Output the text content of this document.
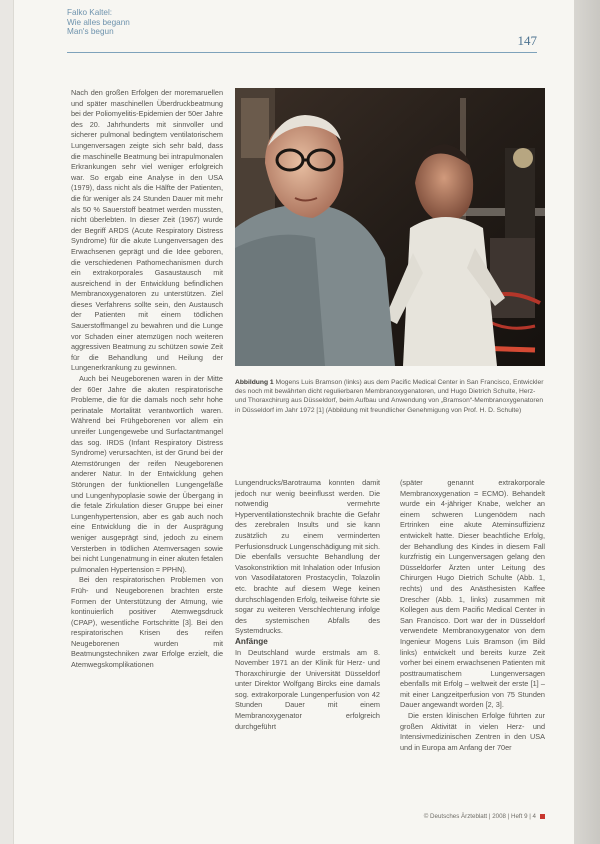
Falko Kaltel:
Wie alles begann
Man's begun
147

Nach den großen Erfolgen der moremaruellen und später maschinellen Überdruckbeatmung bei der Poliomyelitis-Epidemien der 50er Jahre des 20. Jahrhunderts mit sinnvoller und sicherer pulmonal bedingtem ventilatorischem Lungenversagen zeigte sich sehr bald, dass die maschinelle Beatmung bei intrapulmonalen Erkrankungen sehr viel weniger erfolgreich war. So ergab eine Analyse in den USA (1979), dass nicht als die Hälfte der Patienten, die für weniger als 24 Stunden Dauer mit mehr als 50 % Sauerstoff beatmet werden mussten, nicht überlebten. In dieser Zeit (1967) wurde der Begriff ARDS (Acute Respiratory Distress Syndrome) für die akute Lungenversagen des Erwachsenen geprägt und die Idee geboren, die verschiedenen Pathomechanismen durch ein extrakorporales Gasaustausch mit ausreichend in der Entwicklung befindlichen Membranoxygenatoren zu unterstützen. Ziel dieses Verfahrens sollte sein, den Austausch der Patienten mit einem tödlichen Sauerstoffmangel zu bewahren und die Lunge vor Schaden einer atemzügen noch weiteren aggressiven Beatmung zu schützen sowie Zeit für die Behandlung und Heilung der Lungenerkrankung zu gewinnen.

Auch bei Neugeborenen waren in der Mitte der 60er Jahre die akuten respiratorische Probleme, die für die damals noch sehr hohe perinatale Mortalität verantwortlich waren. Während bei Frühgeborenen vor allem ein unreifer Lungengewebe und Surfactantmangel das sog. IRDS (Infant Respiratory Distress Syndrome) verursachten, ist der Grund bei der Atemstörungen der reifen Neugeborenen anderer Natur. In der Entwicklung gehen Störungen der funktionellen Lungengefäße und Lungenhypoplasie sowie der Übergang in die fetale Zirkulation dieser Gruppe bei einer Lungenhypertension, aber es gab auch noch eine Entwicklung die in der Ausprägung weniger ausgeprägt sind, jedoch zu einem Versterben in tödlichen Atemversagen sowie bei nicht Lungenatmung in einer akuten fetalen pulmonalen Hypertension = PPHN).

Bei den respiratorischen Problemen von Früh- und Neugeborenen brachten erste Formen der Unterstützung der Atmung, wie kontinuierlich positiver Atemwegsdruck (CPAP), wesentliche Fortschritte [3]. Bei den respiratorischen Krisen des reifen Neugeborenen wurden mit Beatmungstechniken zwar Erfolge erzielt, die Atemwegskomplikationen

Abbildung 1 Mogens Luis Bramson (links) aus dem Pacific Medical Center in San Francisco, Entwickler des noch mit bewährten dicht regulierbaren Membranoxygenatoren, und Hugo Dietrich Schulte, Herz- und Thoraxchirurg aus Düsseldorf, beim Aufbau und Anwendung von „Bramson“-Membranoxygenatoren in Düsseldorf im Jahr 1972 [1] (Abbildung mit freundlicher Genehmigung von Prof. H. D. Schulte)

Lungendrucks/Barotrauma konnten damit jedoch nur wenig beeinflusst werden. Die notwendig vermehrte Hyperventilationstechnik brachte die Gefahr des zerebralen Insults und sie kann zusätzlich zu einem verminderten Perfusionsdruck Lungenschädigung mit sich. Die ebenfalls versuchte Behandlung der Vasokonstriktion mit Inhalation oder Infusion von Vasodilatatoren Prostacyclin, Tolazolin etc. brachte auf diesem Wege keinen durchschlagenden Erfolg, teilweise führte sie sogar zu weiteren Verschlechterung infolge des systemischen Abfalls des Systemdrucks.

Anfänge

In Deutschland wurde erstmals am 8. November 1971 an der Klinik für Herz- und Thoraxchirurgie der Universität Düsseldorf unter Direktor Wolfgang Bircks eine damals sog. extrakorporale Lungenperfusion von 42 Stunden Dauer mit einem Membranoxygenator erfolgreich durchgeführt

(später genannt extrakorporale Membranoxygenation = ECMO). Behandelt wurde ein 4-jähriger Knabe, welcher an einem schweren Lungenödem nach Ertrinken eine akute Ateminsuffizienz entwickelt hatte. Dieser beachtliche Erfolg, der Behandlung des Kindes in diesem Fall kurzfristig ein Lungenversagen gelang den Düsseldorfer Ärzten unter Leitung des Chirurgen Hugo Dietrich Schulte (Abb. 1, rechts) und des Anästhesisten Kaffee Drescher (Abb. 1, links) zusammen mit Kollegen aus dem Pacific Medical Center in San Francisco. Dort war der in Düsseldorf verwendete Membranoxygenator von dem Ingenieur Mogens Luis Bramson (im Bild links) entwickelt und bereits kurze Zeit vorher bei einem erwachsenen Patienten mit posttraumatischem Lungenversagen ebenfalls mit Erfolg – weltweit der erste [1] – mit einer Langzeitperfusion von 75 Stunden Dauer angewandt worden [2, 3].

Die ersten klinischen Erfolge führten zur großen Aktivität in vielen Herz- und Intensivmedizinischen Zentren in den USA und in Europa am Anfang der 70er

© Deutsches Ärzteblatt | 2008 | Heft 9 | 4
